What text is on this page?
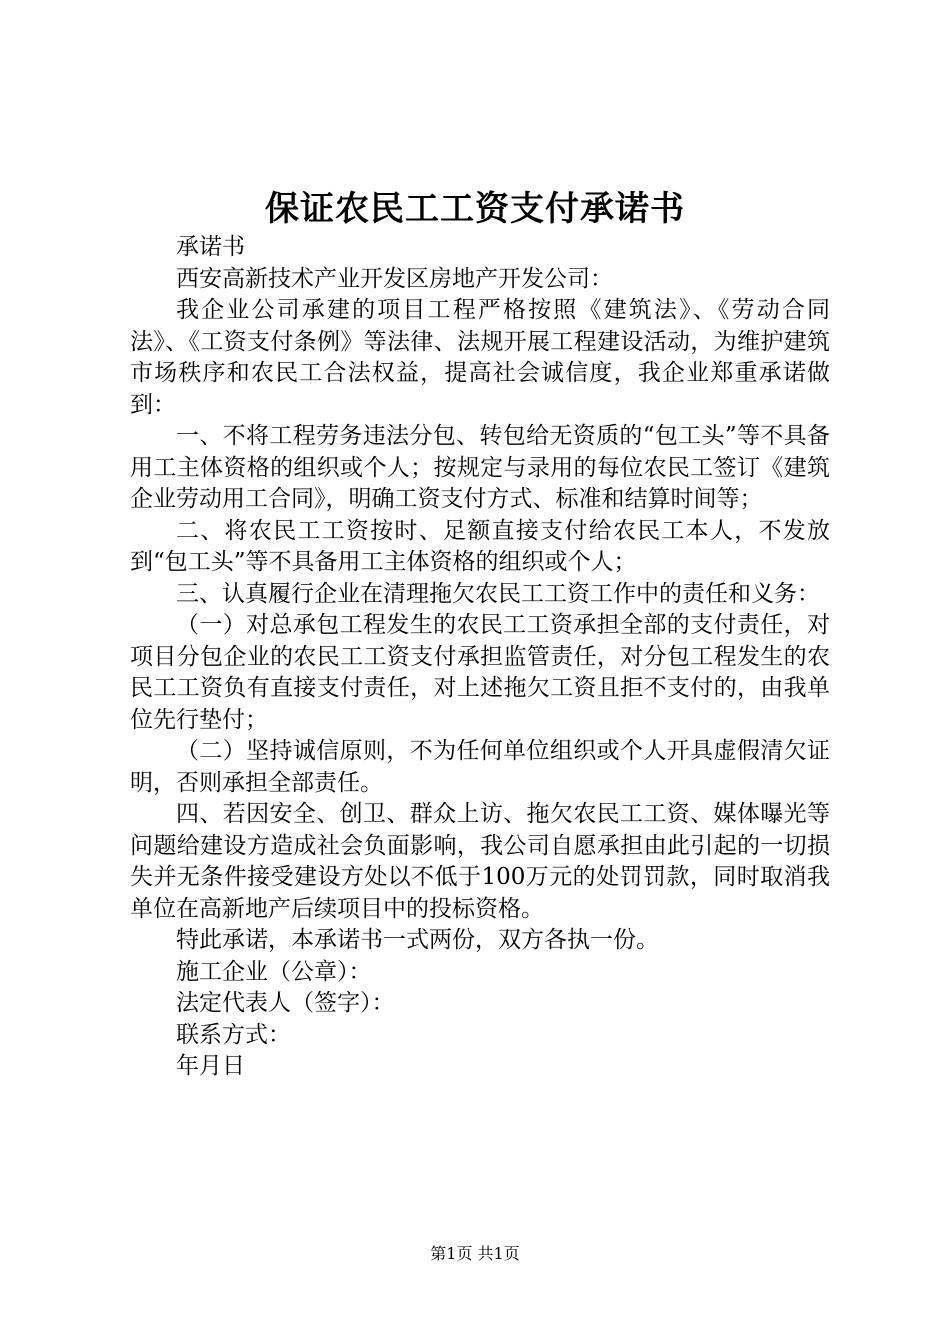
保证农民工工资支付承诺书

承诺书

西安高新技术产业开发区房地产开发公司：

我企业公司承建的项目工程严格按照《建筑法》、《劳动合同法》、《工资支付条例》等法律、法规开展工程建设活动，为维护建筑市场秩序和农民工合法权益，提高社会诚信度，我企业郑重承诺做到：

一、不将工程劳务违法分包、转包给无资质的“包工头”等不具备用工主体资格的组织或个人；按规定与录用的每位农民工签订《建筑企业劳动用工合同》，明确工资支付方式、标准和结算时间等；

二、将农民工工资按时、足额直接支付给农民工本人，不发放到“包工头”等不具备用工主体资格的组织或个人；

三、认真履行企业在清理拖欠农民工工资工作中的责任和义务：

（一）对总承包工程发生的农民工工资承担全部的支付责任，对项目分包企业的农民工工资支付承担监管责任，对分包工程发生的农民工工资负有直接支付责任，对上述拖欠工资且拒不支付的，由我单位先行垫付；

（二）坚持诚信原则，不为任何单位组织或个人开具虚假清欠证明，否则承担全部责任。

四、若因安全、创卫、群众上访、拖欠农民工工资、媒体曝光等问题给建设方造成社会负面影响，我公司自愿承担由此引起的一切损失并无条件接受建设方处以不低于100万元的处罚罚款，同时取消我单位在高新地产后续项目中的投标资格。

特此承诺，本承诺书一式两份，双方各执一份。

施工企业（公章）：

法定代表人（签字）：

联系方式：

年月日

第1页 共1页
